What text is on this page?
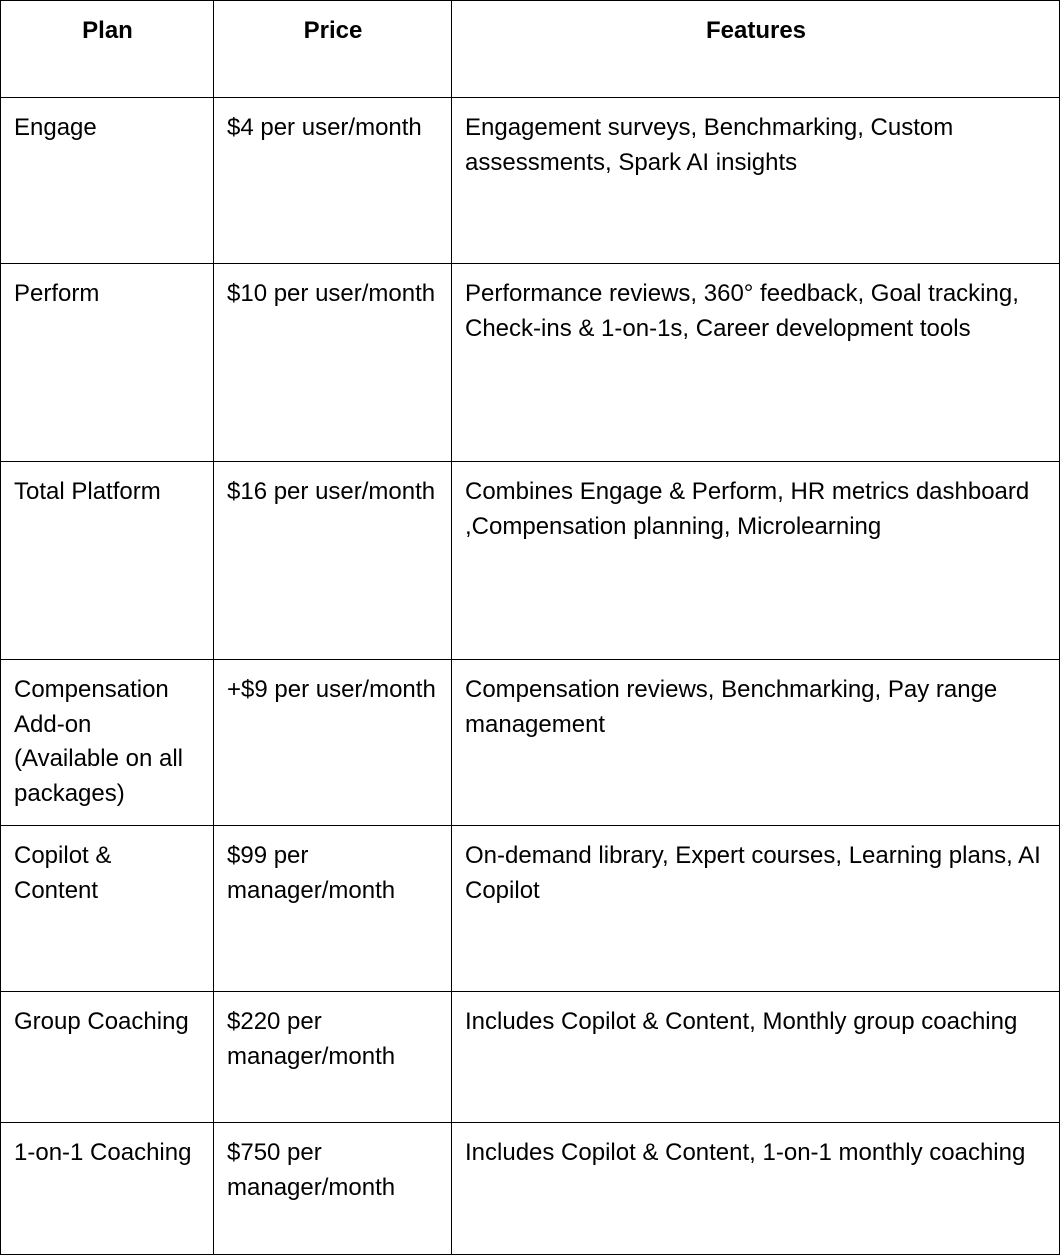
Plan	Price	Features
Engage	$4 per user/month	Engagement surveys, Benchmarking, Custom assessments, Spark AI insights
Perform	$10 per user/month	Performance reviews, 360° feedback, Goal tracking, Check-ins & 1-on-1s, Career development tools
Total Platform	$16 per user/month	Combines Engage & Perform, HR metrics dashboard ,Compensation planning, Microlearning
Compensation Add-on (Available on all packages)	+$9 per user/month	Compensation reviews, Benchmarking, Pay range management
Copilot & Content	$99 per manager/month	On-demand library, Expert courses, Learning plans, AI Copilot
Group Coaching	$220 per manager/month	Includes Copilot & Content, Monthly group coaching
1-on-1 Coaching	$750 per manager/month	Includes Copilot & Content, 1-on-1 monthly coaching
